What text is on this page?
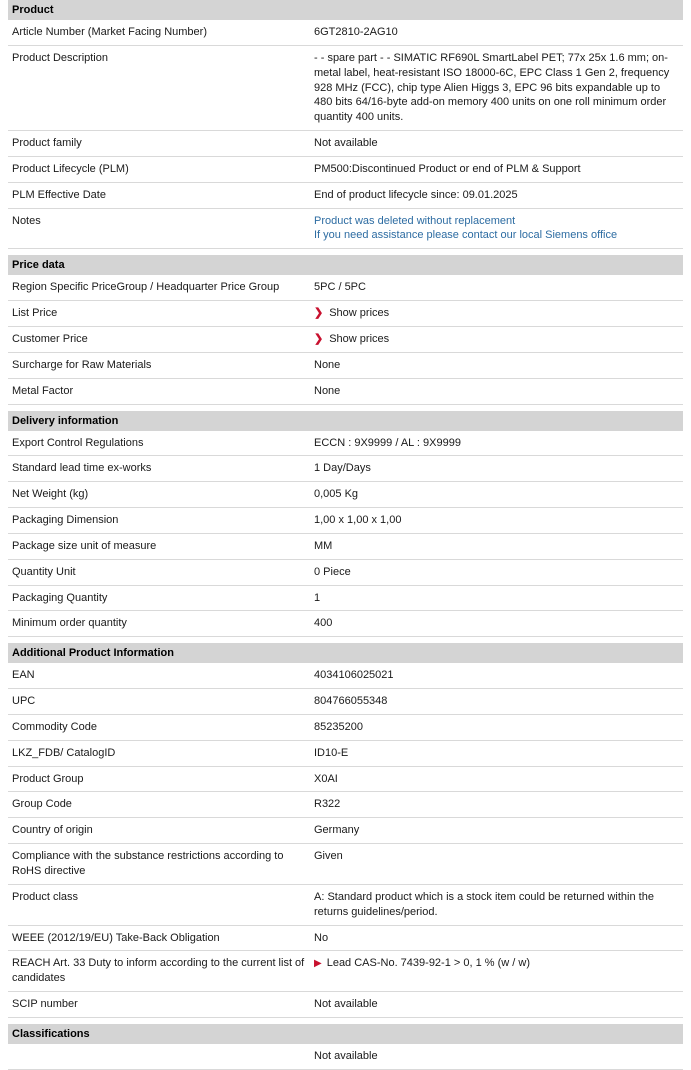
Product	
Article Number (Market Facing Number)	6GT2810-2AG10
Product Description	- - spare part - - SIMATIC RF690L SmartLabel PET; 77x 25x 1.6 mm; on-metal label, heat-resistant ISO 18000-6C, EPC Class 1 Gen 2, frequency 928 MHz (FCC), chip type Alien Higgs 3, EPC 96 bits expandable up to 480 bits 64/16-byte add-on memory 400 units on one roll minimum order quantity 400 units.
Product family	Not available
Product Lifecycle (PLM)	PM500:Discontinued Product or end of PLM & Support
PLM Effective Date	End of product lifecycle since: 09.01.2025
Notes	Product was deleted without replacement
If you need assistance please contact our local Siemens office

Price data	
Region Specific PriceGroup / Headquarter Price Group	5PC / 5PC
List Price	❯ Show prices
Customer Price	❯ Show prices
Surcharge for Raw Materials	None
Metal Factor	None

Delivery information	
Export Control Regulations	ECCN : 9X9999 / AL : 9X9999
Standard lead time ex-works	1 Day/Days
Net Weight (kg)	0,005 Kg
Packaging Dimension	1,00 x 1,00 x 1,00
Package size unit of measure	MM
Quantity Unit	0 Piece
Packaging Quantity	1
Minimum order quantity	400

Additional Product Information	
EAN	4034106025021
UPC	804766055348
Commodity Code	85235200
LKZ_FDB/ CatalogID	ID10-E
Product Group	X0AI
Group Code	R322
Country of origin	Germany
Compliance with the substance restrictions according to RoHS directive	Given
Product class	A: Standard product which is a stock item could be returned within the returns guidelines/period.
WEEE (2012/19/EU) Take-Back Obligation	No
REACH Art. 33 Duty to inform according to the current list of candidates	▶ Lead CAS-No. 7439-92-1 > 0, 1 % (w / w)
SCIP number	Not available

Classifications	
	Not available
